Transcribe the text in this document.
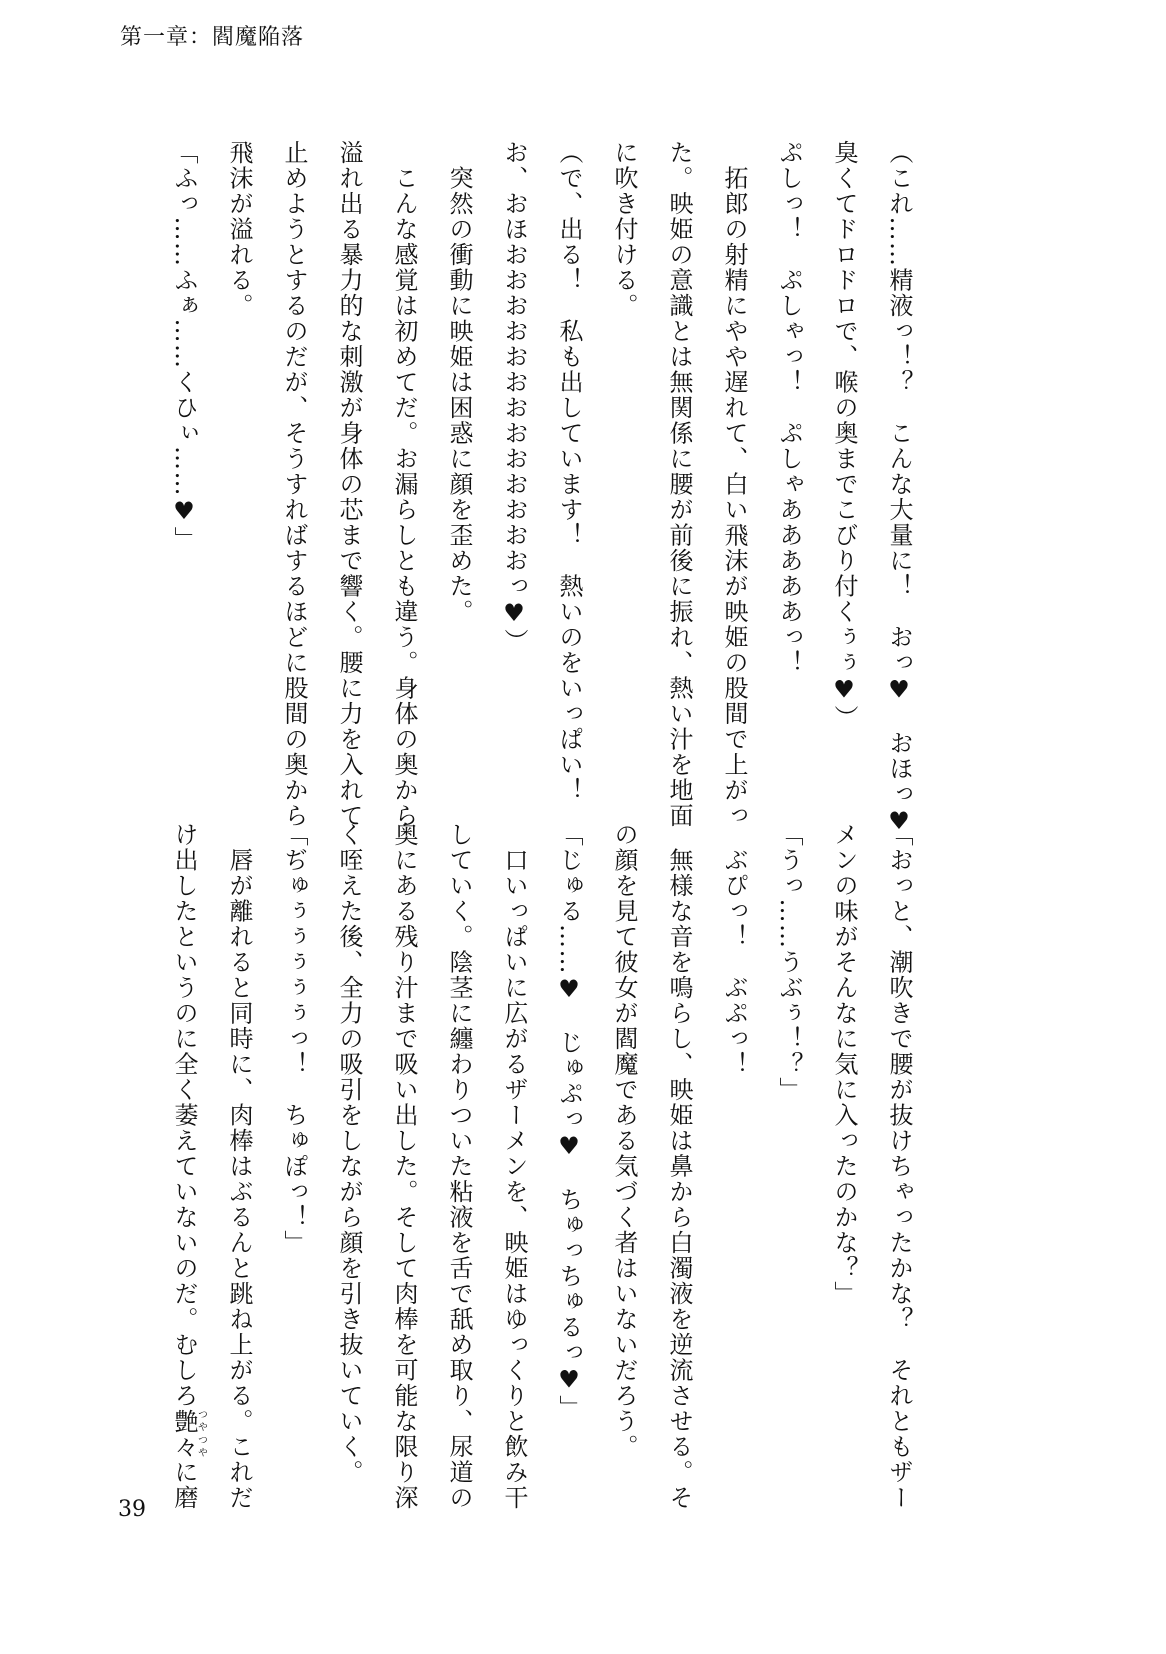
第一章：閻魔陥落
（これ……精液っ！？　こんな大量に！　おっ♥　おほっ♥
臭くてドロドロで、喉の奥までこびり付くぅぅ♥）
ぷしっ！　ぷしゃっ！　ぷしゃあああああっ！
　拓郎の射精にやや遅れて、白い飛沫が映姫の股間で上がっ
た。映姫の意識とは無関係に腰が前後に振れ、熱い汁を地面
に吹き付ける。
（で、出る！　私も出しています！　熱いのをいっぱい！
お、おほおおおおおおおおおおおおおっ♥）
　突然の衝動に映姫は困惑に顔を歪めた。
　こんな感覚は初めてだ。お漏らしとも違う。身体の奥から
溢れ出る暴力的な刺激が身体の芯まで響く。腰に力を入れて
止めようとするのだが、そうすればするほどに股間の奥から
飛沫が溢れる。
「ふっ……ふぁ……くひぃ……♥」
「おっと、潮吹きで腰が抜けちゃったかな？　それともザー
メンの味がそんなに気に入ったのかな？」
「うっ……うぶぅ！？」
　ぶぴっ！　ぶぷっ！
　無様な音を鳴らし、映姫は鼻から白濁液を逆流させる。そ
の顔を見て彼女が閻魔である気づく者はいないだろう。
「じゅる……♥　じゅぷっ♥　ちゅっちゅるっ♥」
　口いっぱいに広がるザーメンを、映姫はゆっくりと飲み干
していく。陰茎に纏わりついた粘液を舌で舐め取り、尿道の
奥にある残り汁まで吸い出した。そして肉棒を可能な限り深
く咥えた後、全力の吸引をしながら顔を引き抜いていく。
「ぢゅぅぅぅぅぅっ！　ちゅぽっ！」
　唇が離れると同時に、肉棒はぶるんと跳ね上がる。これだ
け出したというのに全く萎えていないのだ。むしろ艶々つやつやに磨
39
